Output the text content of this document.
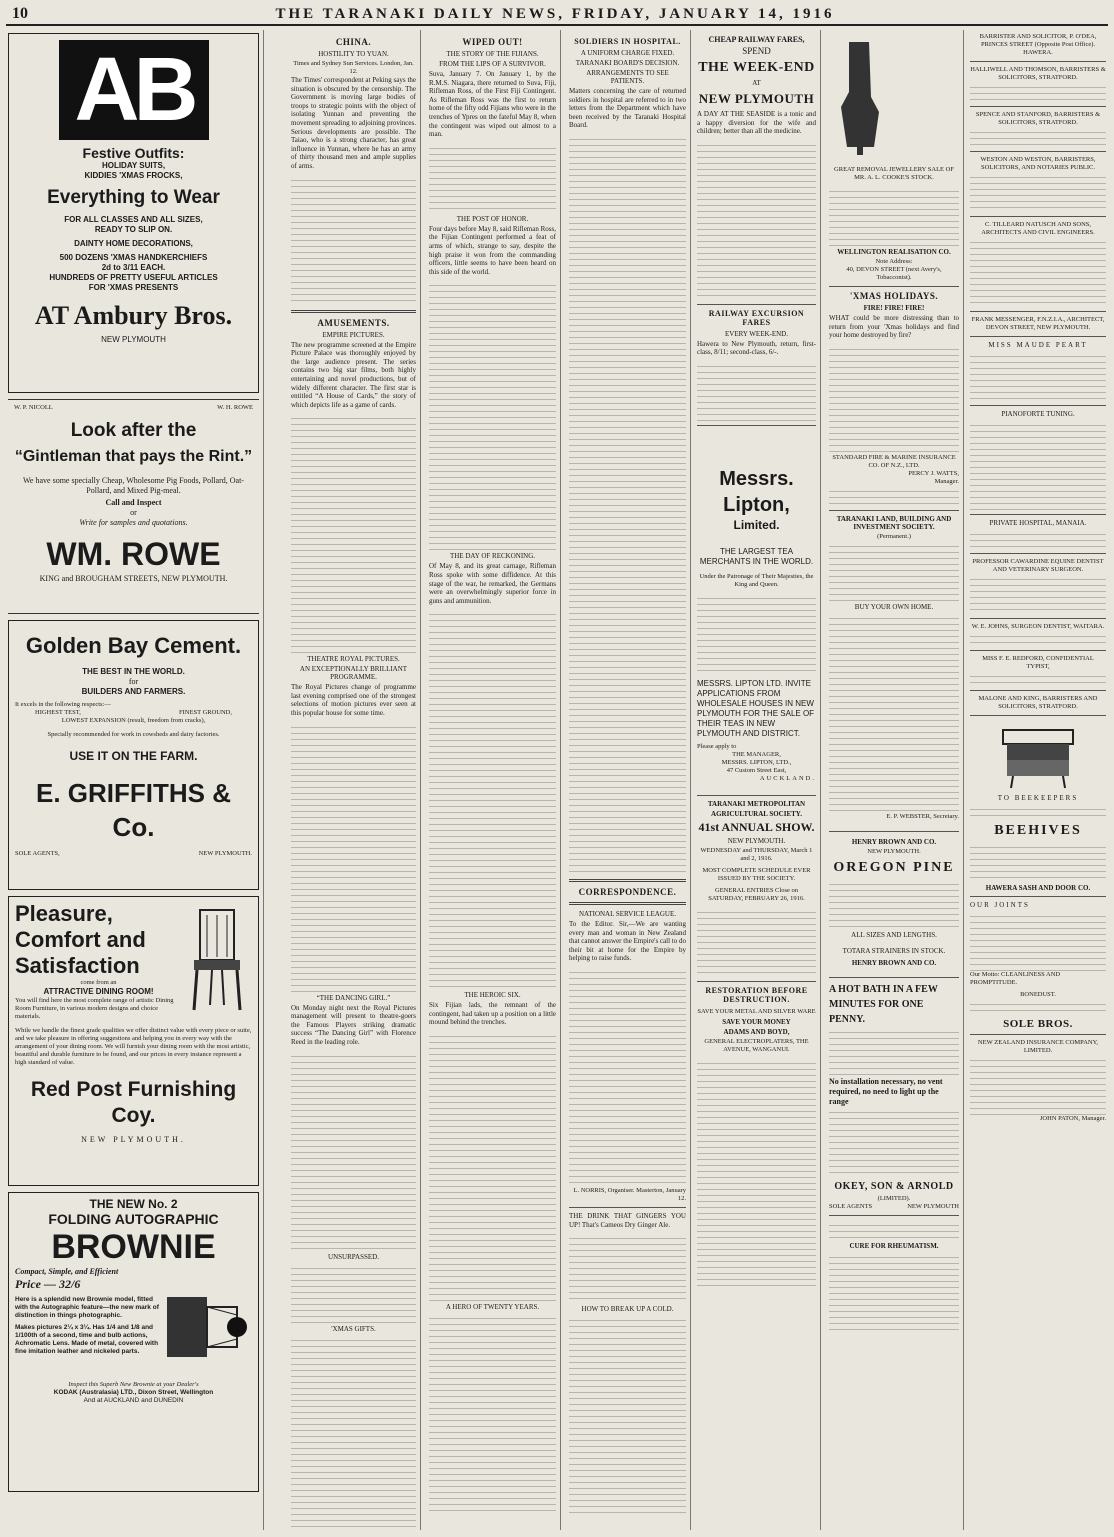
10	THE TARANAKI DAILY NEWS, FRIDAY, JANUARY 14, 1916
AB
Festive Outfits:
HOLIDAY SUITS,
KIDDIES 'XMAS FROCKS,
Everything to Wear
FOR ALL CLASSES AND ALL SIZES,
READY TO SLIP ON.
DAINTY HOME DECORATIONS,
500 DOZENS 'XMAS HANDKERCHIEFS
2d to 3/11 EACH.
HUNDREDS OF PRETTY USEFUL ARTICLES
FOR 'XMAS PRESENTS
AT Ambury Bros.
NEW PLYMOUTH
W. P. NICOLL	W. H. ROWE
Look after the
“Gintleman that pays the Rint.”
We have some specially Cheap, Wholesome Pig Foods, Pollard, Oat-Pollard, and Mixed Pig-meal.
Call and Inspect
or
Write for samples and quotations.
WM. ROWE
KING and BROUGHAM STREETS, NEW PLYMOUTH.
Golden Bay Cement.
THE BEST IN THE WORLD.
for
BUILDERS AND FARMERS.
It excels in the following respects:—
HIGHEST TEST,	FINEST GROUND,
LOWEST EXPANSION (result, freedom from cracks),
Specially recommended for work in cowsheds and dairy factories.
USE IT ON THE FARM.
E. GRIFFITHS & Co.
SOLE AGENTS,	NEW PLYMOUTH.
Pleasure,
Comfort and
Satisfaction
come from an
ATTRACTIVE DINING ROOM!
You will find here the most complete range of artistic Dining Room Furniture, in various modern designs and choice materials.
While we handle the finest grade qualities we offer distinct value with every piece or suite, and we take pleasure in offering suggestions and helping you in every way with the arrangement of your dining room. We will furnish your dining room with the most artistic, beautiful and durable furniture to be found, and our prices in every instance represent a high standard of value.
Red Post Furnishing Coy.
NEW PLYMOUTH.
THE NEW No. 2
FOLDING AUTOGRAPHIC
BROWNIE
Compact, Simple, and Efficient
Price — 32/6
Here is a splendid new Brownie model, fitted with the Autographic feature—the new mark of distinction in things photographic.
Makes pictures 2¼ x 3¼. Has 1/4 and 1/8 and 1/100th of a second, time and bulb actions, Achromatic Lens. Made of metal, covered with fine imitation leather and nickeled parts.
Inspect this Superb New Brownie at your Dealer's
KODAK (Australasia) LTD., Dixon Street, Wellington
And at AUCKLAND and DUNEDIN
CHINA.
HOSTILITY TO YUAN.
Times and Sydney Sun Services. London, Jan. 12.
The Times' correspondent at Peking says the situation is obscured by the censorship. The Government is moving large bodies of troops to strategic points with the object of isolating Yunnan and preventing the movement spreading to adjoining provinces. Serious developments are possible. The Taiao, who is a strong character, has great influence in Yunnan, where he has an army of thirty thousand men and ample supplies of arms.
AMUSEMENTS.
EMPIRE PICTURES.
The new programme screened at the Empire Picture Palace was thoroughly enjoyed by the large audience present. The series contains two big star films, both highly entertaining and novel productions, but of widely different character. The first star is entitled “A House of Cards,” the story of which depicts life as a game of cards.
THEATRE ROYAL PICTURES.
AN EXCEPTIONALLY BRILLIANT PROGRAMME.
The Royal Pictures change of programme last evening comprised one of the strongest selections of motion pictures ever seen at this popular house for some time.
“THE DANCING GIRL.”
On Monday night next the Royal Pictures management will present to theatre-goers the Famous Players striking dramatic success “The Dancing Girl” with Florence Reed in the leading role.
UNSURPASSED.
'XMAS GIFTS.
WIPED OUT!
THE STORY OF THE FIJIANS.
FROM THE LIPS OF A SURVIVOR.
Suva, January 7. On January 1, by the R.M.S. Niagara, there returned to Suva, Fiji, Rifleman Ross, of the First Fiji Contingent. As Rifleman Ross was the first to return home of the fifty odd Fijians who were in the trenches of Ypres on the fateful May 8, when the contingent was wiped out almost to a man.
THE POST OF HONOR.
Four days before May 8, said Rifleman Ross, the Fijian Contingent performed a feat of arms of which, strange to say, despite the high praise it won from the commanding officers, little seems to have been heard on this side of the world.
THE DAY OF RECKONING.
Of May 8, and its great carnage, Rifleman Ross spoke with some diffidence. At this stage of the war, he remarked, the Germans were an overwhelmingly superior force in guns and ammunition.
THE HEROIC SIX.
Six Fijian lads, the remnant of the contingent, had taken up a position on a little mound behind the trenches.
A HERO OF TWENTY YEARS.
SOLDIERS IN HOSPITAL.
A UNIFORM CHARGE FIXED.
TARANAKI BOARD'S DECISION.
ARRANGEMENTS TO SEE PATIENTS.
Matters concerning the care of returned soldiers in hospital are referred to in two letters from the Department which have been received by the Taranaki Hospital Board.
CORRESPONDENCE.
NATIONAL SERVICE LEAGUE.
To the Editor. Sir,—We are wanting every man and woman in New Zealand that cannot answer the Empire's call to do their bit at home for the Empire by helping to raise funds.
L. NORRIS, Organiser. Masterton, January 12.
THE DRINK THAT GINGERS YOU UP! That's Cameos Dry Ginger Ale.
HOW TO BREAK UP A COLD.
CHEAP RAILWAY FARES,
SPEND
THE WEEK-END
AT
NEW PLYMOUTH
A DAY AT THE SEASIDE is a tonic and a happy diversion for the wife and children; better than all the medicine.
RAILWAY EXCURSION FARES
EVERY WEEK-END.
Hawera to New Plymouth, return, first-class, 8/11; second-class, 6/-.
Messrs. Lipton,
Limited.
THE LARGEST TEA MERCHANTS IN THE WORLD.
Under the Patronage of Their Majesties, the King and Queen.
MESSRS. LIPTON LTD. INVITE APPLICATIONS FROM WHOLESALE HOUSES IN NEW PLYMOUTH FOR THE SALE OF THEIR TEAS IN NEW PLYMOUTH AND DISTRICT.
Please apply to
THE MANAGER,
MESSRS. LIPTON, LTD.,
47 Custom Street East,
AUCKLAND.
TARANAKI METROPOLITAN
AGRICULTURAL SOCIETY.
41st ANNUAL SHOW.
NEW PLYMOUTH.
WEDNESDAY and THURSDAY, March 1 and 2, 1916.
MOST COMPLETE SCHEDULE EVER ISSUED BY THE SOCIETY.
GENERAL ENTRIES Close on SATURDAY, FEBRUARY 26, 1916.
RESTORATION BEFORE DESTRUCTION.
SAVE YOUR METAL AND SILVER WARE
SAVE YOUR MONEY
ADAMS AND BOYD,
GENERAL ELECTROPLATERS, THE AVENUE, WANGANUI.
GREAT REMOVAL JEWELLERY SALE OF MR. A. L. COOKE'S STOCK.
WELLINGTON REALISATION CO.
Note Address:
40, DEVON STREET (next Avery's, Tobacconist).
'XMAS HOLIDAYS.
FIRE! FIRE! FIRE!
WHAT could be more distressing than to return from your 'Xmas holidays and find your home destroyed by fire?
STANDARD FIRE & MARINE INSURANCE CO. OF N.Z., LTD.
PERCY J. WATTS,
Manager.
TARANAKI LAND, BUILDING AND INVESTMENT SOCIETY.
(Permanent.)
BUY YOUR OWN HOME.
E. P. WEBSTER, Secretary.
HENRY BROWN AND CO.
NEW PLYMOUTH.
OREGON PINE
ALL SIZES AND LENGTHS.
TOTARA STRAINERS IN STOCK.
HENRY BROWN AND CO.
A HOT BATH IN A FEW MINUTES FOR ONE PENNY.
No installation necessary, no vent required, no need to light up the range
OKEY, SON & ARNOLD
(LIMITED).
SOLE AGENTS	NEW PLYMOUTH
CURE FOR RHEUMATISM.
BARRISTER AND SOLICITOR, P. O'DEA, PRINCES STREET (Opposite Post Office). HAWERA.
HALLIWELL AND THOMSON, BARRISTERS & SOLICITORS, STRATFORD.
SPENCE AND STANFORD, BARRISTERS & SOLICITORS, STRATFORD.
WESTON AND WESTON, BARRISTERS, SOLICITORS, AND NOTARIES PUBLIC.
C. TILLEARD NATUSCH AND SONS, ARCHITECTS AND CIVIL ENGINEERS.
FRANK MESSENGER, F.N.Z.I.A., ARCHITECT,
DEVON STREET, NEW PLYMOUTH.
MISS MAUDE PEART
PIANOFORTE TUNING.
PRIVATE HOSPITAL, MANAIA.
PROFESSOR CAWARDINE EQUINE DENTIST AND VETERINARY SURGEON.
W. E. JOHNS, SURGEON DENTIST, WAITARA.
MISS F. E. REDFORD, CONFIDENTIAL TYPIST,
MALONE AND KING, BARRISTERS AND SOLICITORS, STRATFORD.
TO BEEKEEPERS
BEEHIVES
HAWERA SASH AND DOOR CO.
OUR JOINTS
Our Motto: CLEANLINESS AND PROMPTITUDE.
BONEDUST.
SOLE BROS.
NEW ZEALAND INSURANCE COMPANY, LIMITED.
JOHN PATON, Manager.
